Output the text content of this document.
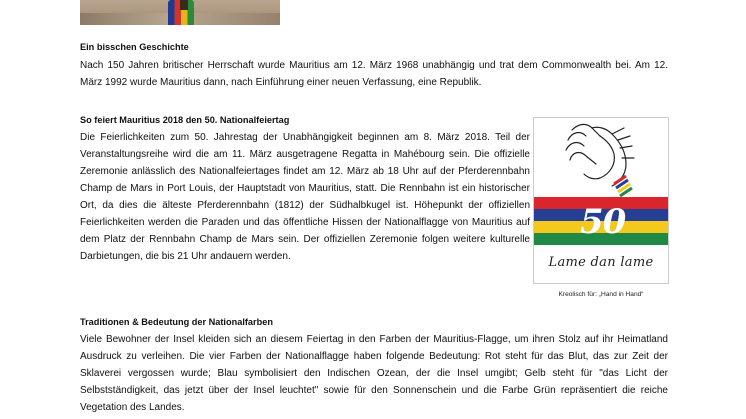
Ein bisschen Geschichte
Nach 150 Jahren britischer Herrschaft wurde Mauritius am 12. März 1968 unabhängig und trat dem Commonwealth bei. Am 12. März 1992 wurde Mauritius dann, nach Einführung einer neuen Verfassung, eine Republik.
So feiert Mauritius 2018 den 50. Nationalfeiertag
Die Feierlichkeiten zum 50. Jahrestag der Unabhängigkeit beginnen am 8. März 2018. Teil der Veranstaltungsreihe wird die am 11. März ausgetragene Regatta in Mahébourg sein. Die offizielle Zeremonie anlässlich des Nationalfeiertages findet am 12. März ab 18 Uhr auf der Pferderennbahn Champ de Mars in Port Louis, der Hauptstadt von Mauritius, statt. Die Rennbahn ist ein historischer Ort, da dies die älteste Pferderennbahn (1812) der Südhalbkugel ist. Höhepunkt der offiziellen Feierlichkeiten werden die Paraden und das öffentliche Hissen der Nationalflagge von Mauritius auf dem Platz der Rennbahn Champ de Mars sein. Der offiziellen Zeremonie folgen weitere kulturelle Darbietungen, die bis 21 Uhr andauern werden.
50
Lame dan lame
Kreolisch für: „Hand in Hand“
Traditionen & Bedeutung der Nationalfarben
Viele Bewohner der Insel kleiden sich an diesem Feiertag in den Farben der Mauritius-Flagge, um ihren Stolz auf ihr Heimatland Ausdruck zu verleihen. Die vier Farben der Nationalflagge haben folgende Bedeutung: Rot steht für das Blut, das zur Zeit der Sklaverei vergossen wurde; Blau symbolisiert den Indischen Ozean, der die Insel umgibt; Gelb steht für "das Licht der Selbstständigkeit, das jetzt über der Insel leuchtet" sowie für den Sonnenschein und die Farbe Grün repräsentiert die reiche Vegetation des Landes.
